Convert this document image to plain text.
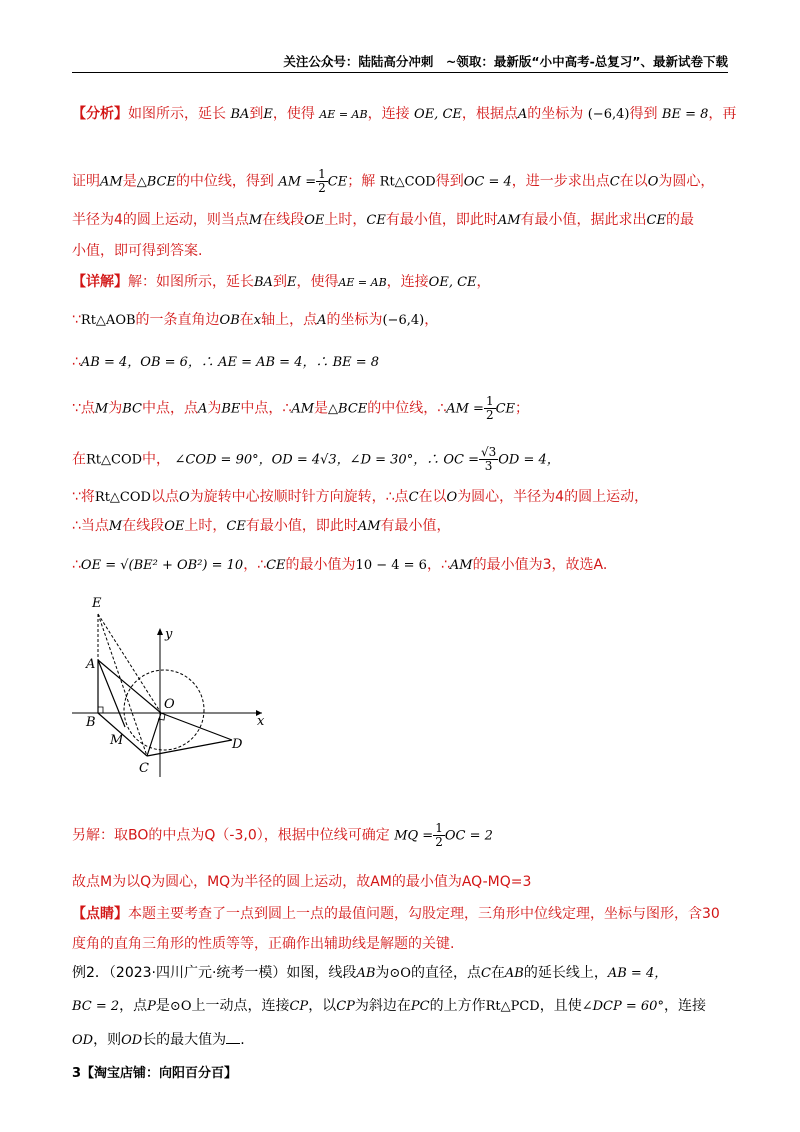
关注公众号：陆陆高分冲刺　~领取：最新版“小中高考-总复习”、最新试卷下载
【分析】如图所示，延长 BA到E，使得 AE = AB，连接 OE, CE，根据点A的坐标为 (−6,4)得到 BE = 8，再
证明AM是△BCE的中位线，得到 AM = $\frac{1}{2}$ CE；解 Rt△COD得到OC = 4，进一步求出点C在以O为圆心，
半径为4的圆上运动，则当点M在线段OE上时，CE有最小值，即此时AM有最小值，据此求出CE的最
小值，即可得到答案.
【详解】解：如图所示，延长BA到E，使得AE = AB，连接OE, CE，
∵Rt△AOB的一条直角边OB在x轴上，点A的坐标为(−6,4)，
∴AB = 4，OB = 6，∴ AE = AB = 4，∴ BE = 8
∵点M为BC中点，点A为BE中点，∴AM是△BCE的中位线，∴AM = $\frac{1}{2}$ CE；
在Rt△COD中， ∠COD = 90°，OD = 4√3，∠D = 30°，∴ OC = $\frac{√3}{3}$ OD = 4，
∵将Rt△COD以点O为旋转中心按顺时针方向旋转，∴点C在以O为圆心，半径为4的圆上运动，
∴当点M在线段OE上时，CE有最小值，即此时AM有最小值，
∴OE = √(BE² + OB²) = 10，∴CE的最小值为10 − 4 = 6，∴AM的最小值为3，故选A.
E
A
B
M
C
O
D
x
y
另解：取BO的中点为Q（-3,0），根据中位线可确定 MQ = $\frac{1}{2}$ OC = 2
故点M为以Q为圆心，MQ为半径的圆上运动，故AM的最小值为AQ-MQ=3
【点睛】本题主要考查了一点到圆上一点的最值问题，勾股定理，三角形中位线定理，坐标与图形，含30
度角的直角三角形的性质等等，正确作出辅助线是解题的关键.
例2．（2023·四川广元·统考一模）如图，线段AB为⊙O的直径，点C在AB的延长线上，AB = 4，
BC = 2，点P是⊙O上一动点，连接CP，以CP为斜边在PC的上方作Rt△PCD，且使∠DCP = 60°，连接
OD，则OD长的最大值为 .
3【淘宝店铺：向阳百分百】
